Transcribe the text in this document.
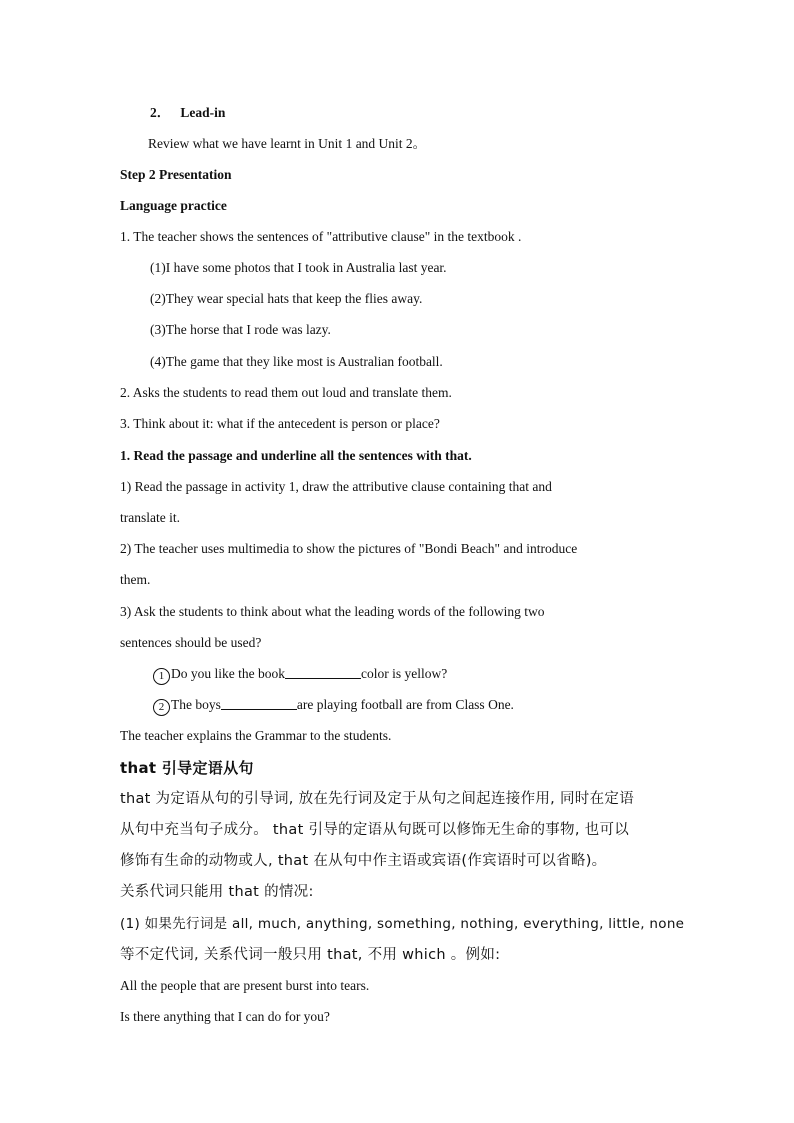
2． Lead-in
Review what we have learnt in Unit 1 and Unit 2。
Step 2 Presentation
Language practice
1. The teacher shows the sentences of "attributive clause" in the textbook .
(1)I have some photos that I took in Australia last year.
(2)They wear special hats that keep the flies away.
(3)The horse that I rode was lazy.
(4)The game that they like most is Australian football.
2. Asks the students to read them out loud and translate them.
3. Think about it: what if the antecedent is person or place?
1. Read the passage and underline all the sentences with that.
1) Read the passage in activity 1, draw the attributive clause containing that and
translate it.
2) The teacher uses multimedia to show the pictures of "Bondi Beach" and introduce
them.
3) Ask the students to think about what the leading words of the following two
sentences should be used?
1 Do you like the book	color is yellow?
2 The boys	are playing football are from Class One.
The teacher explains the Grammar to the students.
that 引导定语从句
that 为定语从句的引导词, 放在先行词及定于从句之间起连接作用, 同时在定语
从句中充当句子成分。 that 引导的定语从句既可以修饰无生命的事物, 也可以
修饰有生命的动物或人, that 在从句中作主语或宾语(作宾语时可以省略)。
关系代词只能用 that 的情况:
(1) 如果先行词是 all, much, anything, something, nothing, everything, little, none
等不定代词, 关系代词一般只用 that, 不用 which 。例如:
All the people that are present burst into tears.
Is there anything that I can do for you?
